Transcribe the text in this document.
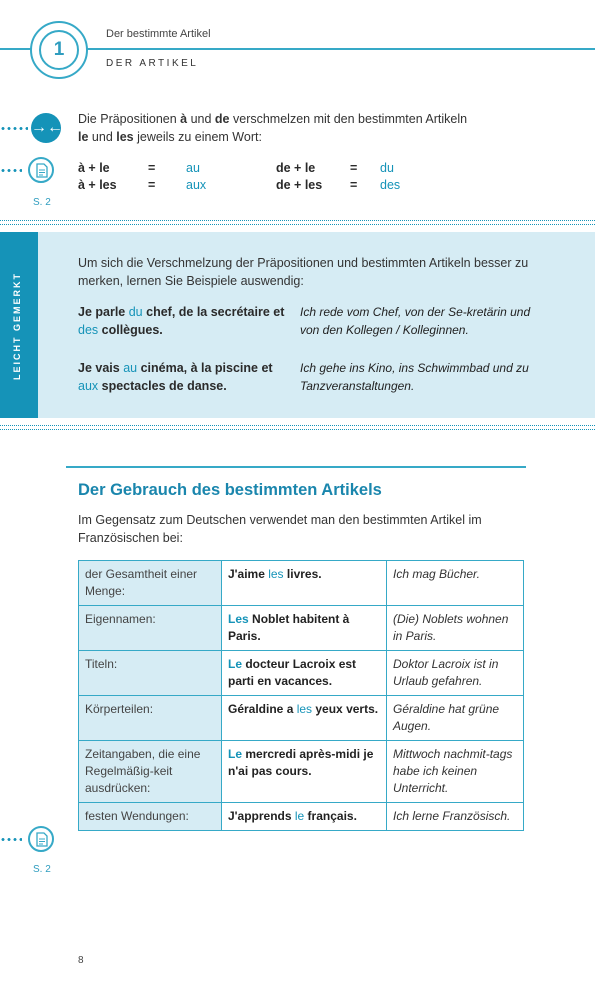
1
Der bestimmte Artikel
DER ARTIKEL
→←
S. 2
Die Präpositionen à und de verschmelzen mit den bestimmten Artikeln
le und les jeweils zu einem Wort:
à + le	= au
à + les	= aux
de + le	= du
de + les = des
LEICHT GEMERKT
Um sich die Verschmelzung der Präpositionen und bestimmten Artikeln besser zu merken, lernen Sie Beispiele auswendig:
Je parle du chef, de la secrétaire et des collègues.
Ich rede vom Chef, von der Se-kretärin und von den Kollegen / Kolleginnen.
Je vais au cinéma, à la piscine et aux spectacles de danse.
Ich gehe ins Kino, ins Schwimmbad und zu Tanzveranstaltungen.
Der Gebrauch des bestimmten Artikels
Im Gegensatz zum Deutschen verwendet man den bestimmten Artikel im Französischen bei:
der Gesamtheit einer Menge:	J'aime les livres.	Ich mag Bücher.
Eigennamen:	Les Noblet habitent à Paris.	(Die) Noblets wohnen in Paris.
Titeln:	Le docteur Lacroix est parti en vacances.	Doktor Lacroix ist in Urlaub gefahren.
Körperteilen:	Géraldine a les yeux verts.	Géraldine hat grüne Augen.
Zeitangaben, die eine Regelmäßig-keit ausdrücken:	Le mercredi après-midi je n'ai pas cours.	Mittwoch nachmit-tags habe ich keinen Unterricht.
festen Wendungen:	J'apprends le français.	Ich lerne Französisch.
S. 2
8
